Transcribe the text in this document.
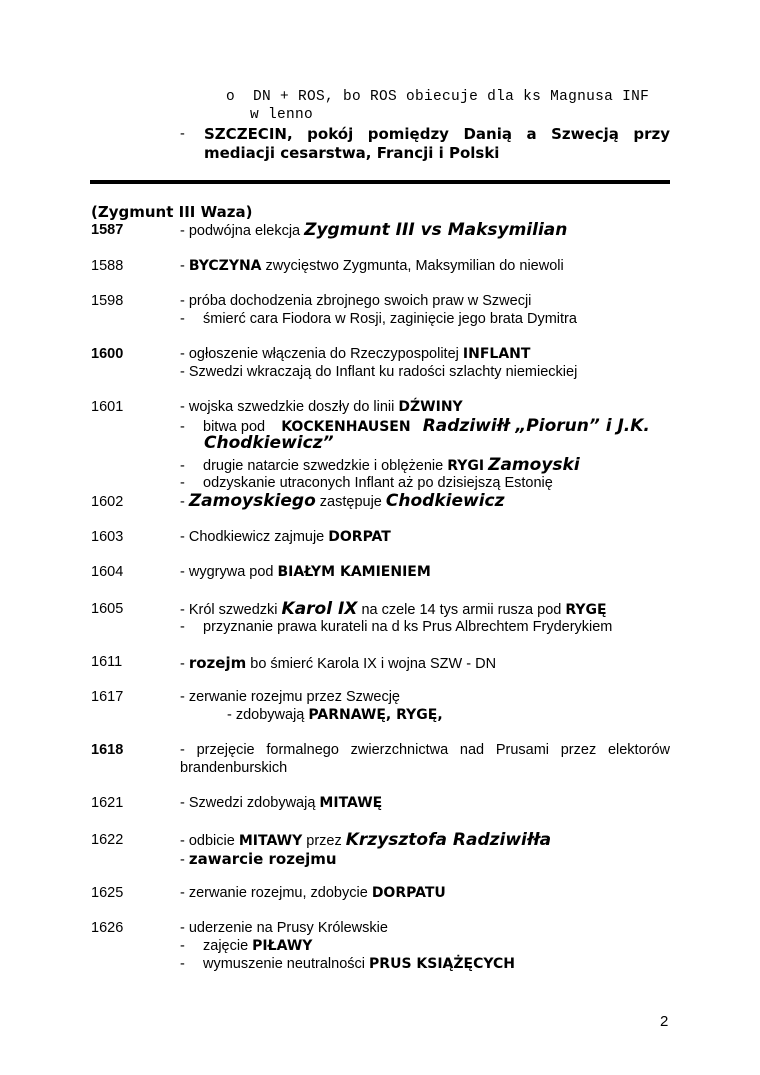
o DN + ROS, bo ROS obiecuje dla ks Magnusa INF
w lenno
- SZCZECIN, pokój pomiędzy Danią a Szwecją przy
mediacji cesarstwa, Francji i Polski
(Zygmunt III Waza)
1587	- podwójna elekcja Zygmunt III vs Maksymilian
1588	- BYCZYNA zwycięstwo Zygmunta, Maksymilian do niewoli
1598	- próba dochodzenia zbrojnego swoich praw w Szwecji
- śmierć cara Fiodora w Rosji, zaginięcie jego brata Dymitra
1600	- ogłoszenie włączenia do Rzeczypospolitej INFLANT
- Szwedzi wkraczają do Inflant ku radości szlachty niemieckiej
1601	- wojska szwedzkie doszły do linii DŹWINY
- bitwa pod    KOCKENHAUSEN Radziwiłł „Piorun” i J.K.
Chodkiewicz”
- drugie natarcie szwedzkie i oblężenie RYGI Zamoyski
- odzyskanie utraconych Inflant aż po dzisiejszą Estonię
1602	- Zamoyskiego zastępuje Chodkiewicz
1603	- Chodkiewicz zajmuje DORPAT
1604	- wygrywa pod BIAŁYM KAMIENIEM
1605	- Król szwedzki Karol IX na czele 14 tys armii rusza pod RYGĘ
- przyznanie prawa kurateli na d ks Prus Albrechtem Fryderykiem
1611	- rozejm bo śmierć Karola IX i wojna SZW - DN
1617	- zerwanie rozejmu przez Szwecję
- zdobywają PARNAWĘ, RYGĘ,
1618	- przejęcie formalnego zwierzchnictwa nad Prusami przez elektorów
brandenburskich
1621	- Szwedzi zdobywają MITAWĘ
1622	- odbicie MITAWY przez Krzysztofa Radziwiłła
- zawarcie rozejmu
1625	- zerwanie rozejmu, zdobycie DORPATU
1626	- uderzenie na Prusy Królewskie
- zajęcie PIŁAWY
- wymuszenie neutralności PRUS KSIĄŻĘCYCH
2
